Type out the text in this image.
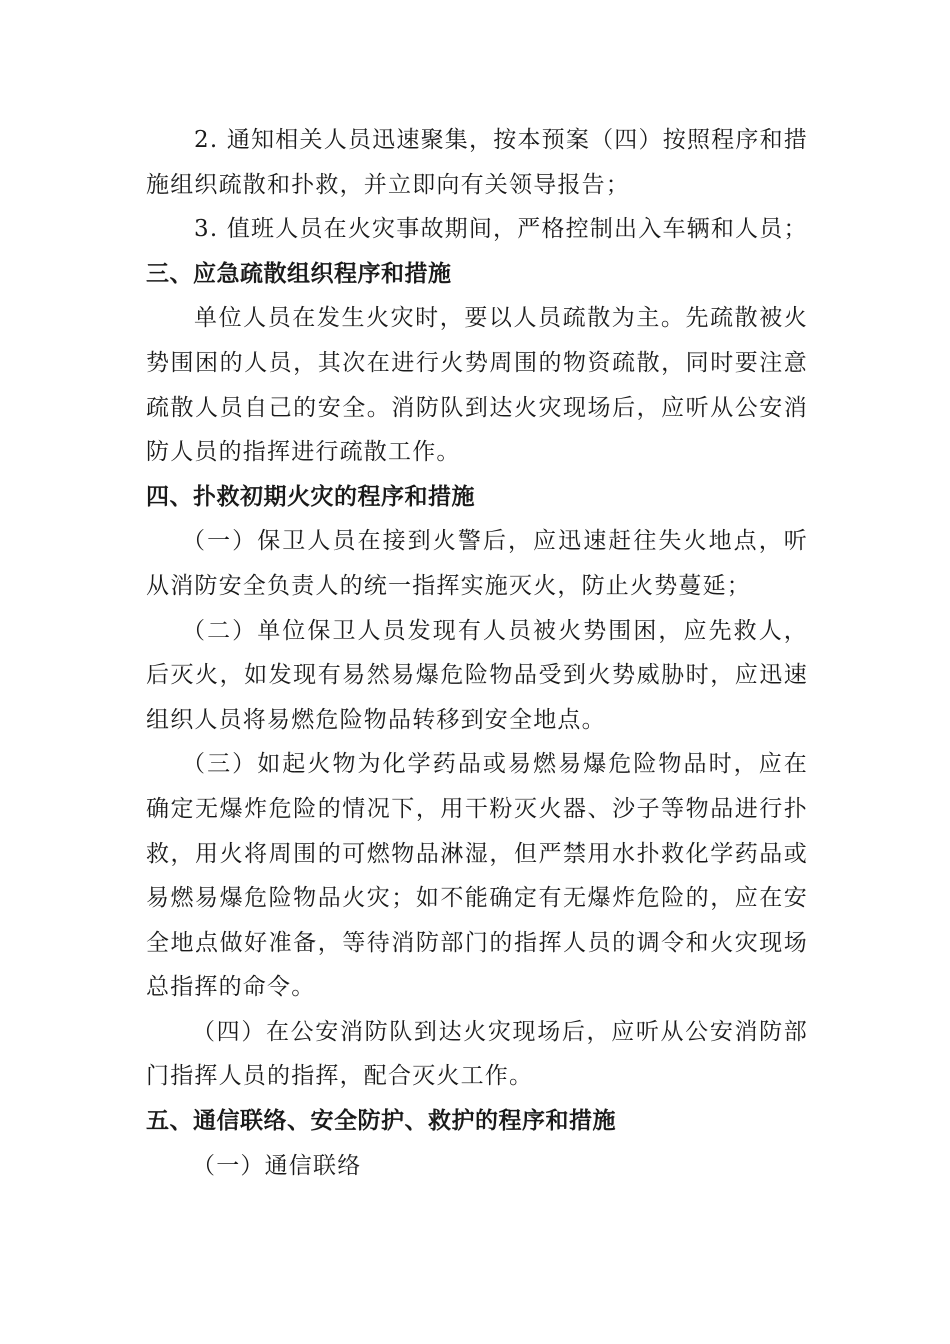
2. 通知相关人员迅速聚集，按本预案（四）按照程序和措施组织疏散和扑救，并立即向有关领导报告；

3. 值班人员在火灾事故期间，严格控制出入车辆和人员；

三、应急疏散组织程序和措施

单位人员在发生火灾时，要以人员疏散为主。先疏散被火势围困的人员，其次在进行火势周围的物资疏散，同时要注意疏散人员自己的安全。消防队到达火灾现场后，应听从公安消防人员的指挥进行疏散工作。

四、扑救初期火灾的程序和措施

（一）保卫人员在接到火警后，应迅速赶往失火地点，听从消防安全负责人的统一指挥实施灭火，防止火势蔓延；

（二）单位保卫人员发现有人员被火势围困，应先救人，后灭火，如发现有易然易爆危险物品受到火势威胁时，应迅速组织人员将易燃危险物品转移到安全地点。

（三）如起火物为化学药品或易燃易爆危险物品时，应在确定无爆炸危险的情况下，用干粉灭火器、沙子等物品进行扑救，用火将周围的可燃物品淋湿，但严禁用水扑救化学药品或易燃易爆危险物品火灾；如不能确定有无爆炸危险的，应在安全地点做好准备，等待消防部门的指挥人员的调令和火灾现场总指挥的命令。

（四）在公安消防队到达火灾现场后，应听从公安消防部门指挥人员的指挥，配合灭火工作。

五、通信联络、安全防护、救护的程序和措施

（一）通信联络
